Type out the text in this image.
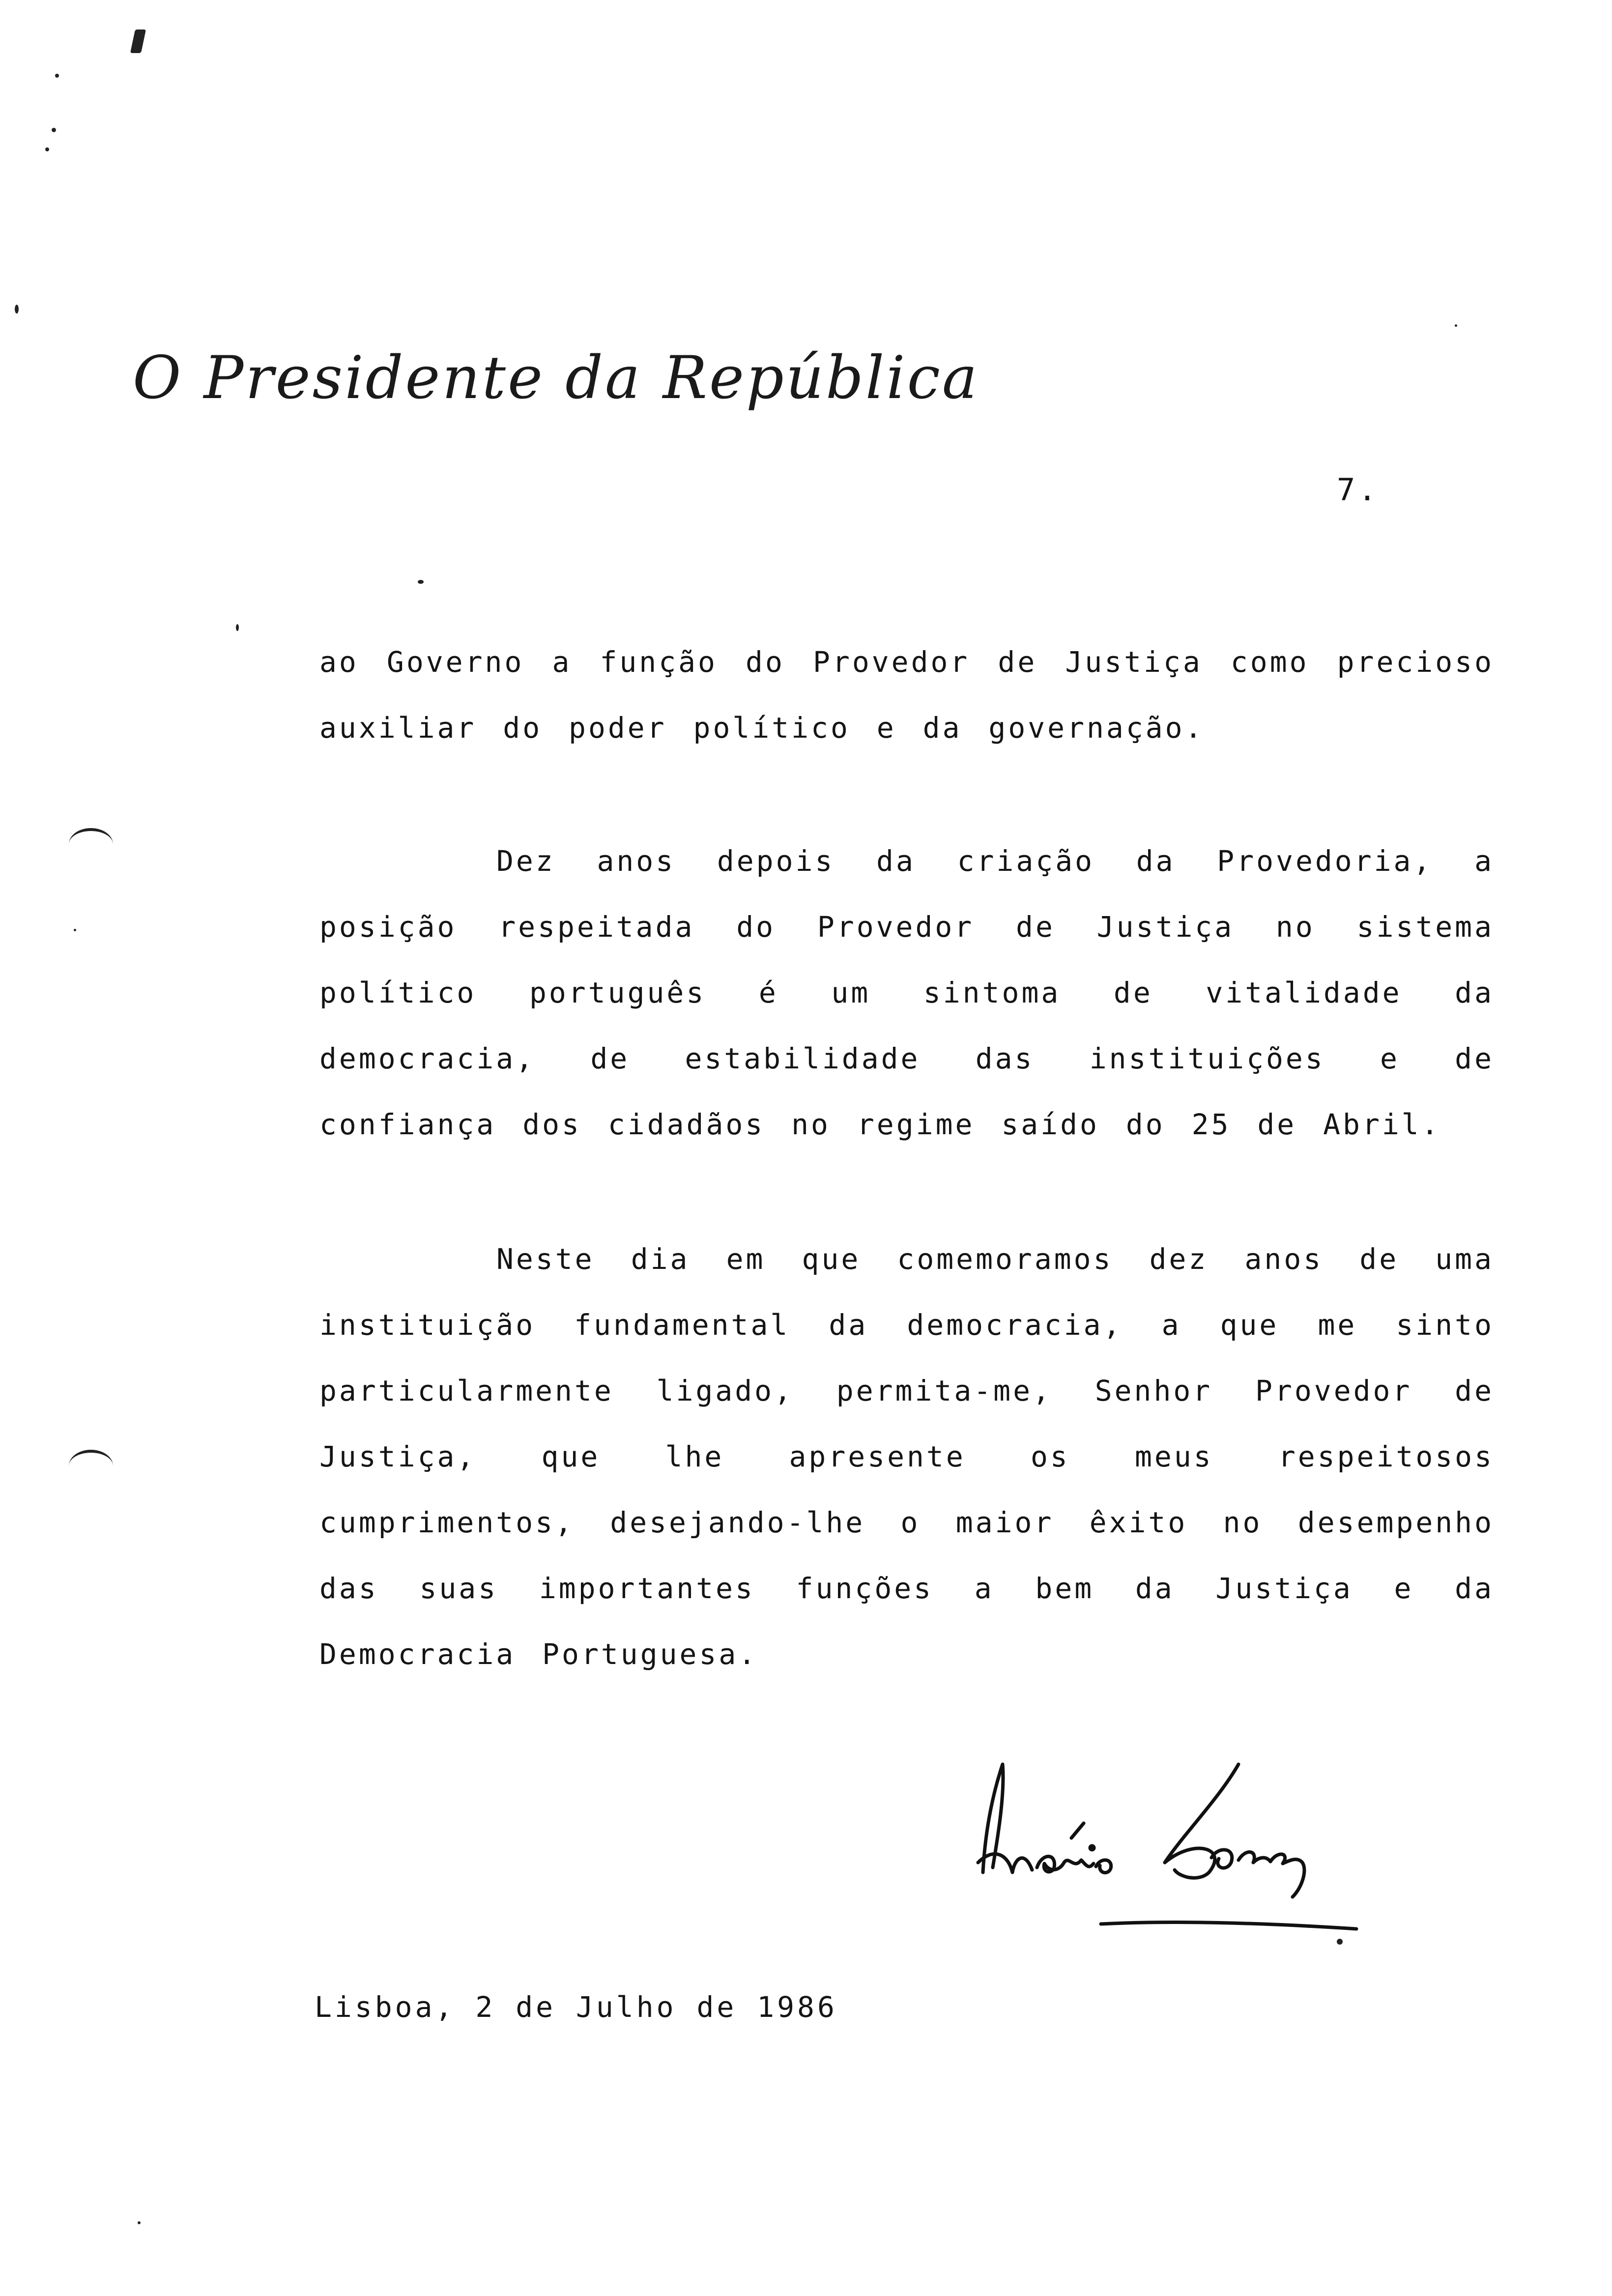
O Presidente da República
7.
ao Governo a função do Provedor de Justiça como precioso auxiliar do poder político e da governação.
Dez anos depois da criação da Provedoria, a posição respeitada do Provedor de Justiça no sistema político português é um sintoma de vitalidade da democracia, de estabilidade das instituições e de confiança dos cidadãos no regime saído do 25 de Abril.
Neste dia em que comemoramos dez anos de uma instituição fundamental da democracia, a que me sinto particularmente ligado, permita-me, Senhor Provedor de Justiça, que lhe apresente os meus respeitosos cumprimentos, desejando-lhe o maior êxito no desempenho das suas importantes funções a bem da Justiça e da Democracia Portuguesa.
Lisboa, 2 de Julho de 1986
